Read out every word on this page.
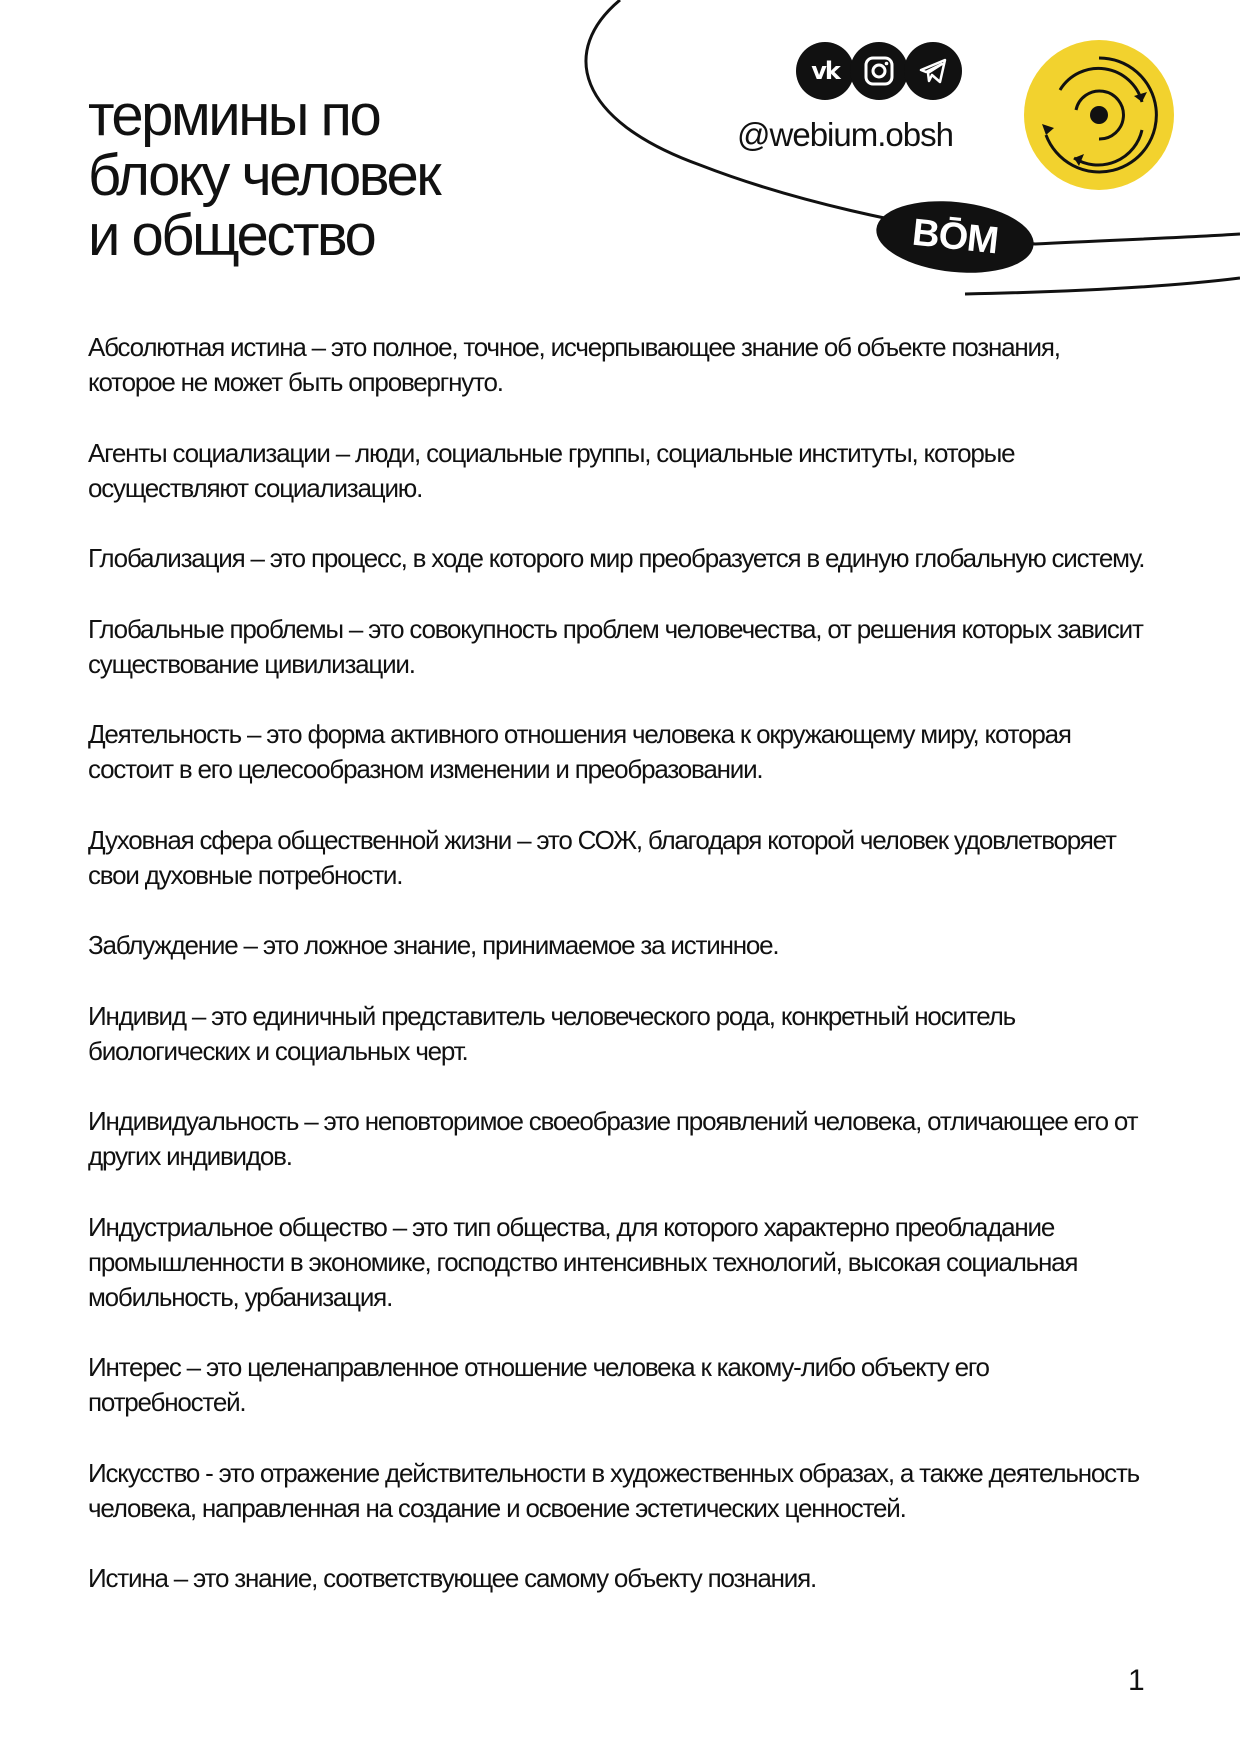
термины по
блоку человек
и общество
vk
@webium.obsh
ВŌМ
Абсолютная истина – это полное, точное, исчерпывающее знание об объекте познания, которое не может быть опровергнуто.
Агенты социализации – люди, социальные группы, социальные институты, которые осуществляют социализацию.
Глобализация – это процесс, в ходе которого мир преобразуется в единую глобальную систему.
Глобальные проблемы – это совокупность проблем человечества, от решения которых зависит существование цивилизации.
Деятельность – это форма активного отношения человека к окружающему миру, которая состоит в его целесообразном изменении и преобразовании.
Духовная сфера общественной жизни – это СОЖ, благодаря которой человек удовлетворяет свои духовные потребности.
Заблуждение – это ложное знание, принимаемое за истинное.
Индивид – это единичный представитель человеческого рода, конкретный носитель биологических и социальных черт.
Индивидуальность – это неповторимое своеобразие проявлений человека, отличающее его от других индивидов.
Индустриальное общество – это тип общества, для которого характерно преобладание промышленности в экономике, господство интенсивных технологий, высокая социальная мобильность, урбанизация.
Интерес – это целенаправленное отношение человека к какому-либо объекту его потребностей.
Искусство - это отражение действительности в художественных образах, а также деятельность человека, направленная на создание и освоение эстетических ценностей.
Истина – это знание, соответствующее самому объекту познания.
1
